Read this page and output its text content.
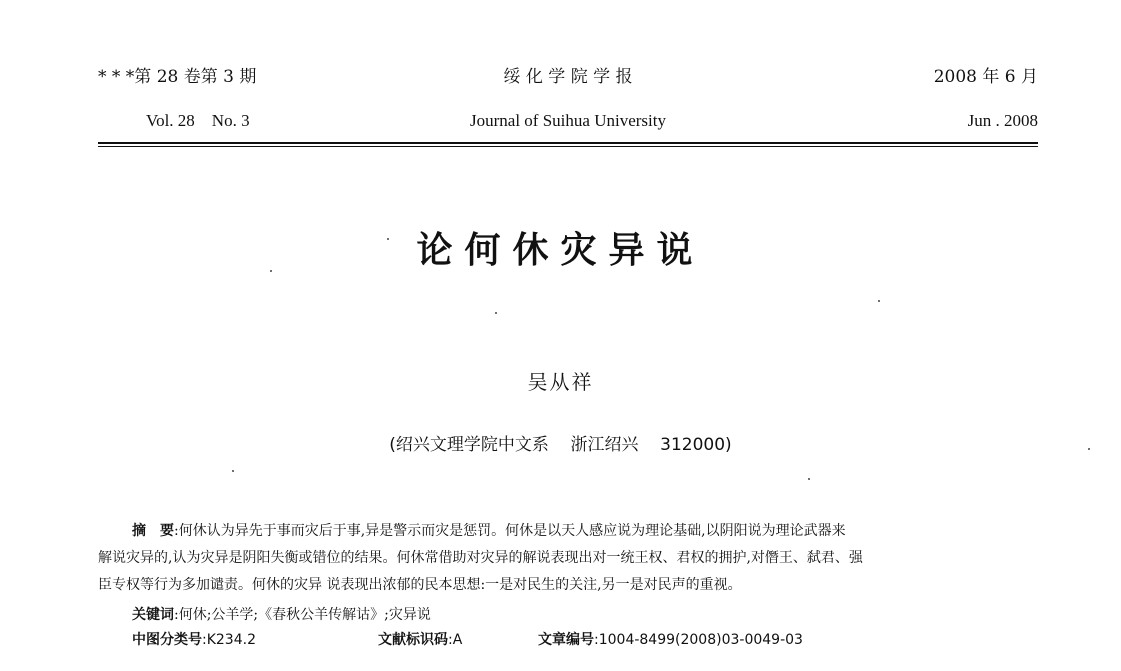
* * *第 28 卷第 3 期	绥 化 学 院 学 报	2008 年 6 月
Vol. 28    No. 3	Journal of Suihua University	Jun . 2008
论何休灾异说
吴从祥
(绍兴文理学院中文系    浙江绍兴    312000)
摘　要:何休认为异先于事而灾后于事,异是警示而灾是惩罚。何休是以天人感应说为理论基础,以阴阳说为理论武器来
解说灾异的,认为灾异是阴阳失衡或错位的结果。何休常借助对灾异的解说表现出对一统王权、君权的拥护,对僭王、弑君、强
臣专权等行为多加谴责。何休的灾异 说表现出浓郁的民本思想:一是对民生的关注,另一是对民声的重视。
关键词:何休;公羊学;《春秋公羊传解诂》;灾异说
中图分类号:K234.2	文献标识码:A	文章编号:1004-8499(2008)03-0049-03
